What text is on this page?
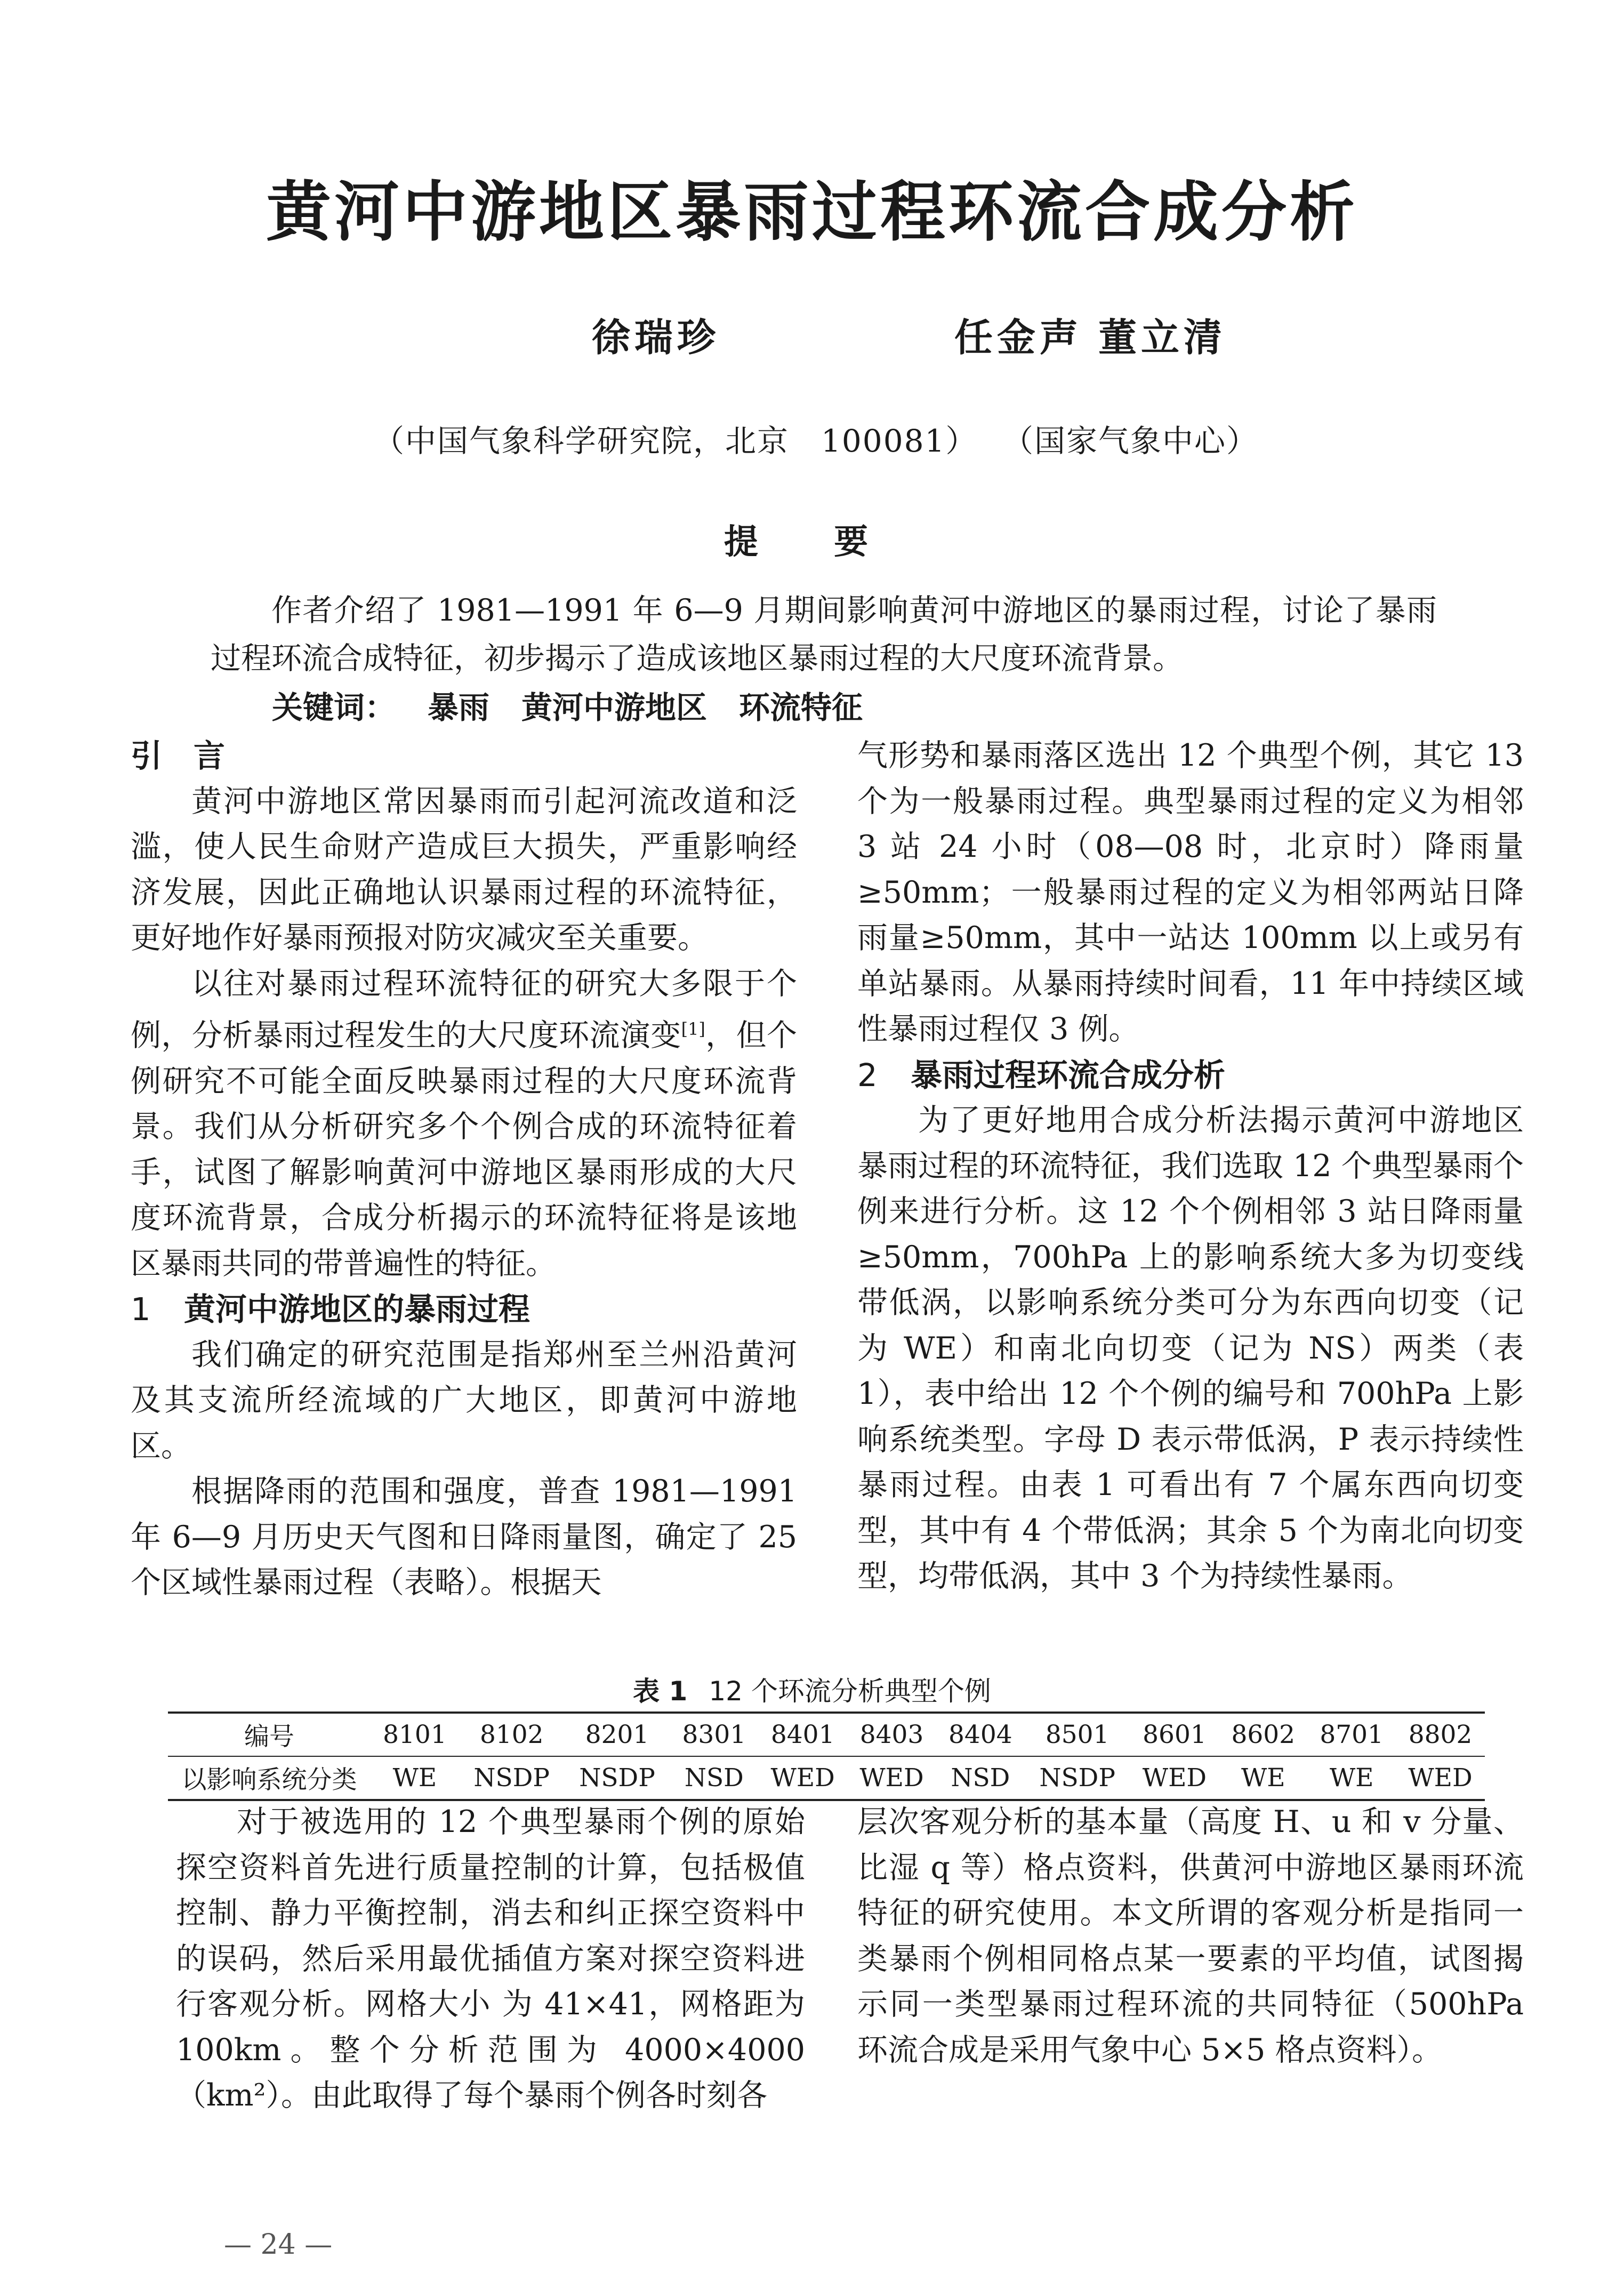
黄河中游地区暴雨过程环流合成分析
徐瑞珍	任金声 董立清
（中国气象科学研究院，北京　100081） （国家气象中心）
提 要
作者介绍了 1981—1991 年 6—9 月期间影响黄河中游地区的暴雨过程，讨论了暴雨过程环流合成特征，初步揭示了造成该地区暴雨过程的大尺度环流背景。
关键词： 暴雨 黄河中游地区 环流特征
引　言

黄河中游地区常因暴雨而引起河流改道和泛滥，使人民生命财产造成巨大损失，严重影响经济发展，因此正确地认识暴雨过程的环流特征，更好地作好暴雨预报对防灾减灾至关重要。

以往对暴雨过程环流特征的研究大多限于个例，分析暴雨过程发生的大尺度环流演变[1]，但个例研究不可能全面反映暴雨过程的大尺度环流背景。我们从分析研究多个个例合成的环流特征着手，试图了解影响黄河中游地区暴雨形成的大尺度环流背景，合成分析揭示的环流特征将是该地区暴雨共同的带普遍性的特征。

1 黄河中游地区的暴雨过程

我们确定的研究范围是指郑州至兰州沿黄河及其支流所经流域的广大地区，即黄河中游地区。

根据降雨的范围和强度，普查 1981—1991 年 6—9 月历史天气图和日降雨量图，确定了 25 个区域性暴雨过程（表略）。根据天

气形势和暴雨落区选出 12 个典型个例，其它 13 个为一般暴雨过程。典型暴雨过程的定义为相邻 3 站 24 小时（08—08 时，北京时）降雨量≥50mm；一般暴雨过程的定义为相邻两站日降雨量≥50mm，其中一站达 100mm 以上或另有单站暴雨。从暴雨持续时间看，11 年中持续区域性暴雨过程仅 3 例。

2 暴雨过程环流合成分析

为了更好地用合成分析法揭示黄河中游地区暴雨过程的环流特征，我们选取 12 个典型暴雨个例来进行分析。这 12 个个例相邻 3 站日降雨量≥50mm，700hPa 上的影响系统大多为切变线带低涡，以影响系统分类可分为东西向切变（记为 WE）和南北向切变（记为 NS）两类（表 1），表中给出 12 个个例的编号和 700hPa 上影响系统类型。字母 D 表示带低涡，P 表示持续性暴雨过程。由表 1 可看出有 7 个属东西向切变型，其中有 4 个带低涡；其余 5 个为南北向切变型，均带低涡，其中 3 个为持续性暴雨。

表 1 12 个环流分析典型个例
编号	8101	8102	8201	8301	8401	8403	8404	8501	8601	8602	8701	8802
以影响系统分类	WE	NSDP	NSDP	NSD	WED	WED	NSD	NSDP	WED	WE	WE	WED

对于被选用的 12 个典型暴雨个例的原始探空资料首先进行质量控制的计算，包括极值控制、静力平衡控制，消去和纠正探空资料中的误码，然后采用最优插值方案对探空资料进行客观分析。网格大小 为 41×41，网格距为 100km。整个分析范围为 4000×4000（km²）。由此取得了每个暴雨个例各时刻各

层次客观分析的基本量（高度 H、u 和 v 分量、比湿 q 等）格点资料，供黄河中游地区暴雨环流特征的研究使用。本文所谓的客观分析是指同一类暴雨个例相同格点某一要素的平均值，试图揭示同一类型暴雨过程环流的共同特征（500hPa 环流合成是采用气象中心 5×5 格点资料）。

— 24 —
